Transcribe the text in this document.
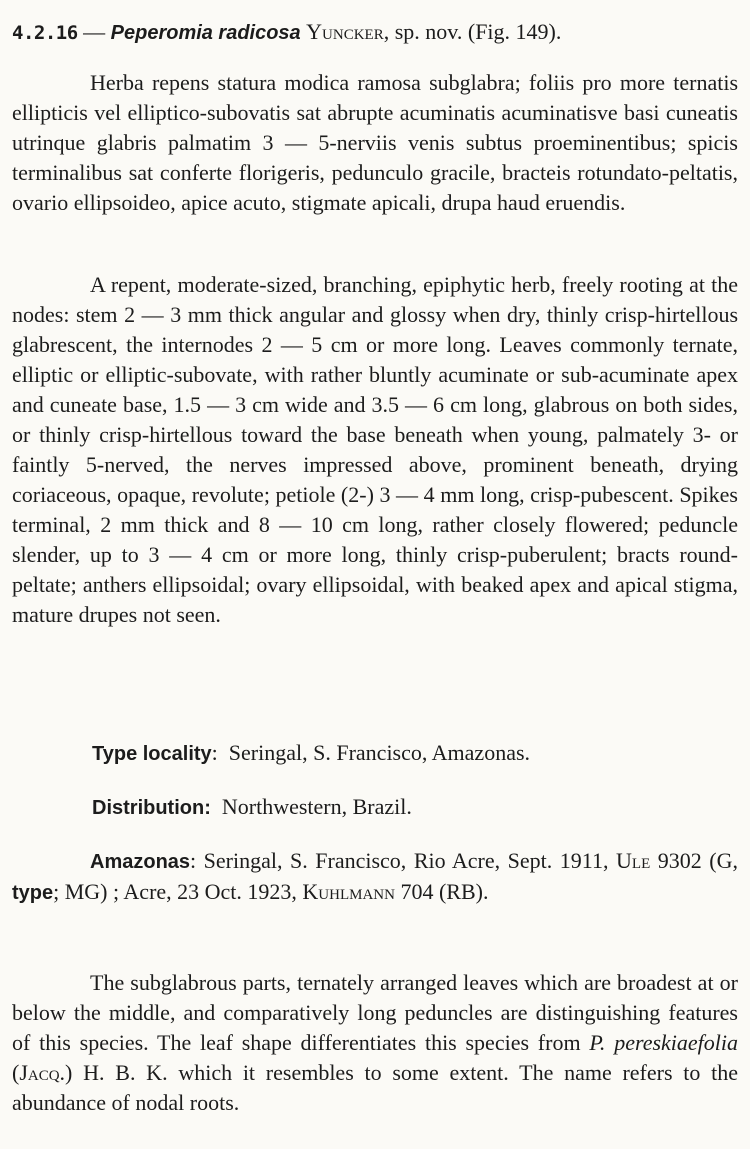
4.2.16 — Peperomia radicosa Yuncker, sp. nov. (Fig. 149).

Herba repens statura modica ramosa subglabra; foliis pro more ternatis ellipticis vel elliptico-subovatis sat abrupte acuminatis acuminatisve basi cuneatis utrinque glabris palmatim 3 — 5-nerviis venis subtus proeminentibus; spicis terminalibus sat conferte florigeris, pedunculo gracile, bracteis rotundato-peltatis, ovario ellipsoideo, apice acuto, stigmate apicali, drupa haud eruendis.

A repent, moderate-sized, branching, epiphytic herb, freely rooting at the nodes: stem 2 — 3 mm thick angular and glossy when dry, thinly crisp-hirtellous glabrescent, the internodes 2 — 5 cm or more long. Leaves commonly ternate, elliptic or elliptic-subovate, with rather bluntly acuminate or sub-acuminate apex and cuneate base, 1.5 — 3 cm wide and 3.5 — 6 cm long, glabrous on both sides, or thinly crisp-hirtellous toward the base beneath when young, palmately 3- or faintly 5-nerved, the nerves impressed above, prominent beneath, drying coriaceous, opaque, revolute; petiole (2-) 3 — 4 mm long, crisp-pubescent. Spikes terminal, 2 mm thick and 8 — 10 cm long, rather closely flowered; peduncle slender, up to 3 — 4 cm or more long, thinly crisp-puberulent; bracts round-peltate; anthers ellipsoidal; ovary ellipsoidal, with beaked apex and apical stigma, mature drupes not seen.

Type locality:  Seringal, S. Francisco, Amazonas.

Distribution: Northwestern, Brazil.

Amazonas: Seringal, S. Francisco, Rio Acre, Sept. 1911, Ule 9302 (G, type; MG) ; Acre, 23 Oct. 1923, Kuhlmann 704 (RB).

The subglabrous parts, ternately arranged leaves which are broadest at or below the middle, and comparatively long peduncles are distinguishing features of this species. The leaf shape differentiates this species from P. pereskiaefolia (Jacq.) H. B. K. which it resembles to some extent. The name refers to the abundance of nodal roots.
